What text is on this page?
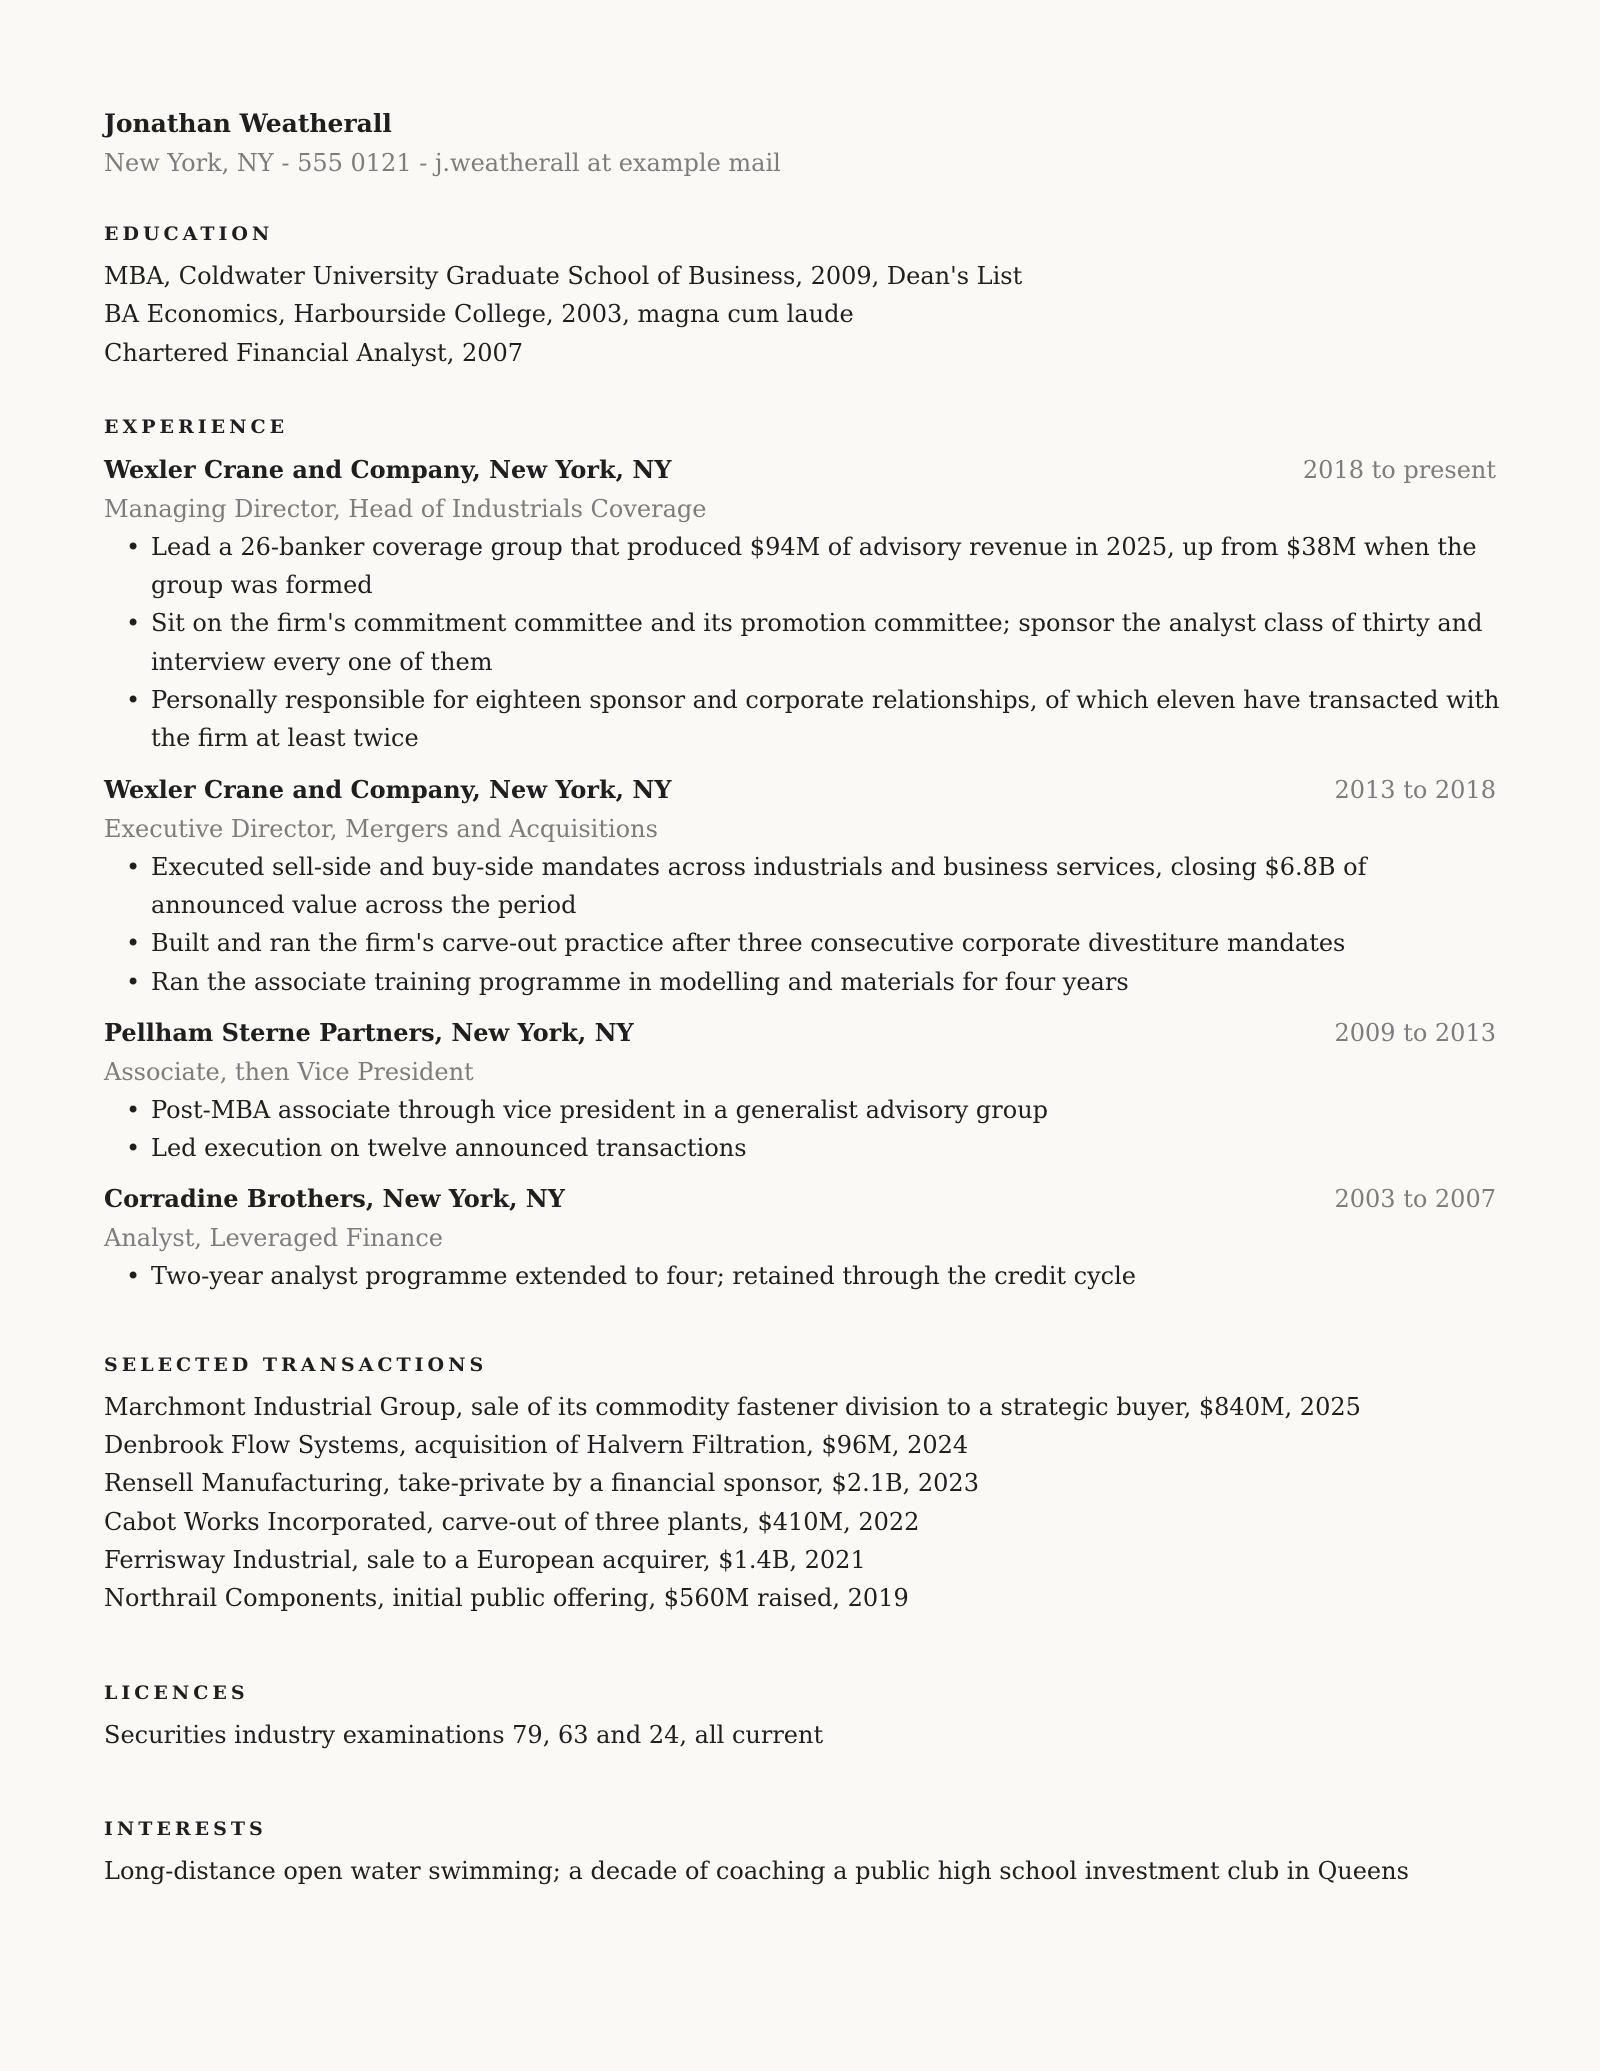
Jonathan Weatherall

New York, NY - 555 0121 - j.weatherall at example mail

EDUCATION

MBA, Coldwater University Graduate School of Business, 2009, Dean's List

BA Economics, Harbourside College, 2003, magna cum laude

Chartered Financial Analyst, 2007

EXPERIENCE
Wexler Crane and Company, New York, NY	2018 to present

Managing Director, Head of Industrials Coverage

• Lead a 26-banker coverage group that produced $94M of advisory revenue in 2025, up from $38M when the group was formed
• Sit on the firm's commitment committee and its promotion committee; sponsor the analyst class of thirty and interview every one of them
• Personally responsible for eighteen sponsor and corporate relationships, of which eleven have transacted with the firm at least twice
Wexler Crane and Company, New York, NY	2013 to 2018

Executive Director, Mergers and Acquisitions

• Executed sell-side and buy-side mandates across industrials and business services, closing $6.8B of announced value across the period
• Built and ran the firm's carve-out practice after three consecutive corporate divestiture mandates
• Ran the associate training programme in modelling and materials for four years
Pellham Sterne Partners, New York, NY	2009 to 2013

Associate, then Vice President

• Post-MBA associate through vice president in a generalist advisory group
• Led execution on twelve announced transactions
Corradine Brothers, New York, NY	2003 to 2007

Analyst, Leveraged Finance

• Two-year analyst programme extended to four; retained through the credit cycle
SELECTED TRANSACTIONS

Marchmont Industrial Group, sale of its commodity fastener division to a strategic buyer, $840M, 2025

Denbrook Flow Systems, acquisition of Halvern Filtration, $96M, 2024

Rensell Manufacturing, take-private by a financial sponsor, $2.1B, 2023

Cabot Works Incorporated, carve-out of three plants, $410M, 2022

Ferrisway Industrial, sale to a European acquirer, $1.4B, 2021

Northrail Components, initial public offering, $560M raised, 2019

LICENCES

Securities industry examinations 79, 63 and 24, all current

INTERESTS

Long-distance open water swimming; a decade of coaching a public high school investment club in Queens
